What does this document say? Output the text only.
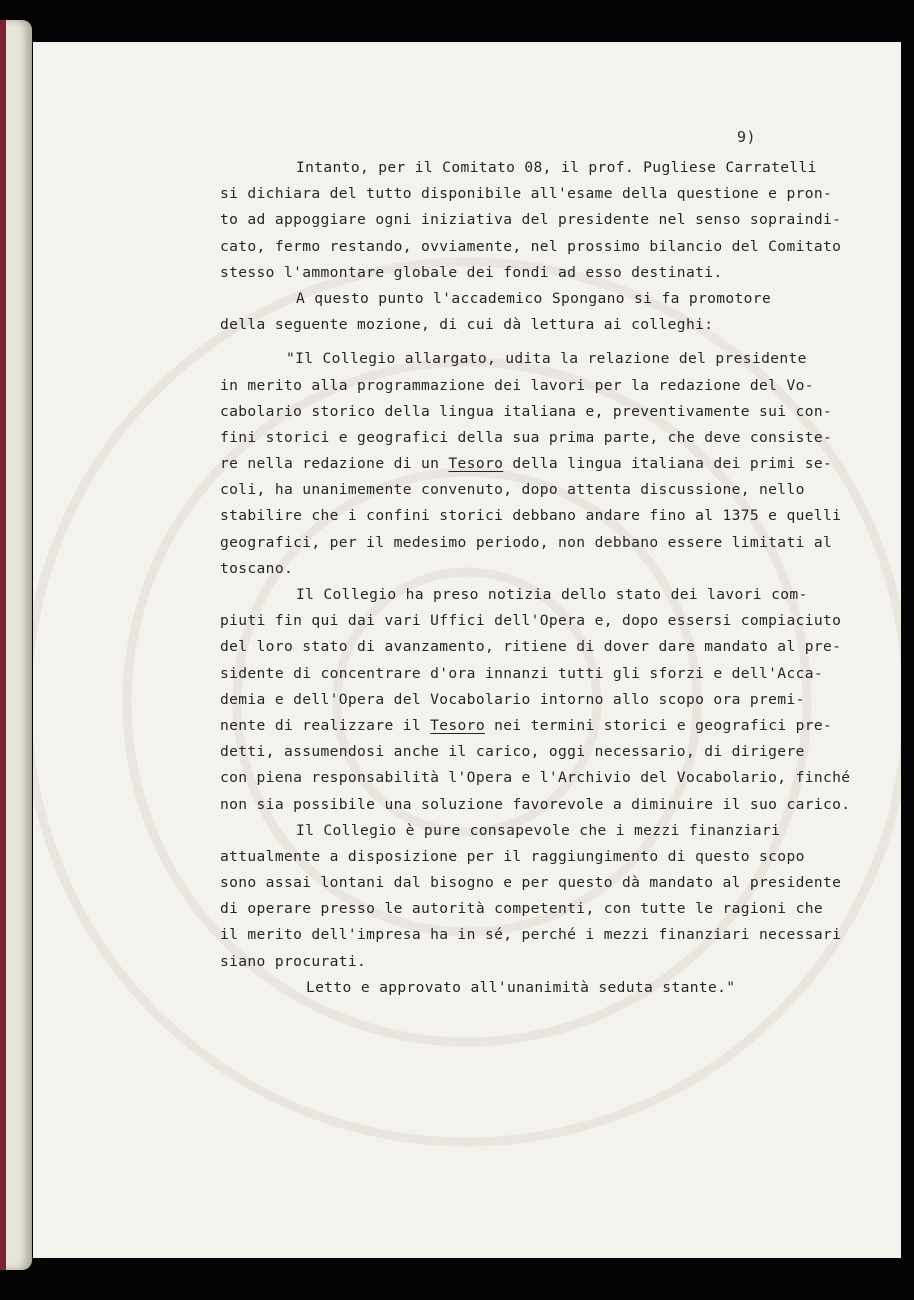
9)
Intanto, per il Comitato 08, il prof. Pugliese Carratelli
si dichiara del tutto disponibile all'esame della questione e pron-
to ad appoggiare ogni iniziativa del presidente nel senso sopraindi-
cato, fermo restando, ovviamente, nel prossimo bilancio del Comitato
stesso l'ammontare globale dei fondi ad esso destinati.
A questo punto l'accademico Spongano si fa promotore
della seguente mozione, di cui dà lettura ai colleghi:
"Il Collegio allargato, udita la relazione del presidente
in merito alla programmazione dei lavori per la redazione del Vo-
cabolario storico della lingua italiana e, preventivamente sui con-
fini storici e geografici della sua prima parte, che deve consiste-
re nella redazione di un Tesoro della lingua italiana dei primi se-
coli, ha unanimemente convenuto, dopo attenta discussione, nello
stabilire che i confini storici debbano andare fino al 1375 e quelli
geografici, per il medesimo periodo, non debbano essere limitati al
toscano.
Il Collegio ha preso notizia dello stato dei lavori com-
piuti fin qui dai vari Uffici dell'Opera e, dopo essersi compiaciuto
del loro stato di avanzamento, ritiene di dover dare mandato al pre-
sidente di concentrare d'ora innanzi tutti gli sforzi e dell'Acca-
demia e dell'Opera del Vocabolario intorno allo scopo ora premi-
nente di realizzare il Tesoro nei termini storici e geografici pre-
detti, assumendosi anche il carico, oggi necessario, di dirigere
con piena responsabilità l'Opera e l'Archivio del Vocabolario, finché
non sia possibile una soluzione favorevole a diminuire il suo carico.
Il Collegio è pure consapevole che i mezzi finanziari
attualmente a disposizione per il raggiungimento di questo scopo
sono assai lontani dal bisogno e per questo dà mandato al presidente
di operare presso le autorità competenti, con tutte le ragioni che
il merito dell'impresa ha in sé, perché i mezzi finanziari necessari
siano procurati.
Letto e approvato all'unanimità seduta stante."
